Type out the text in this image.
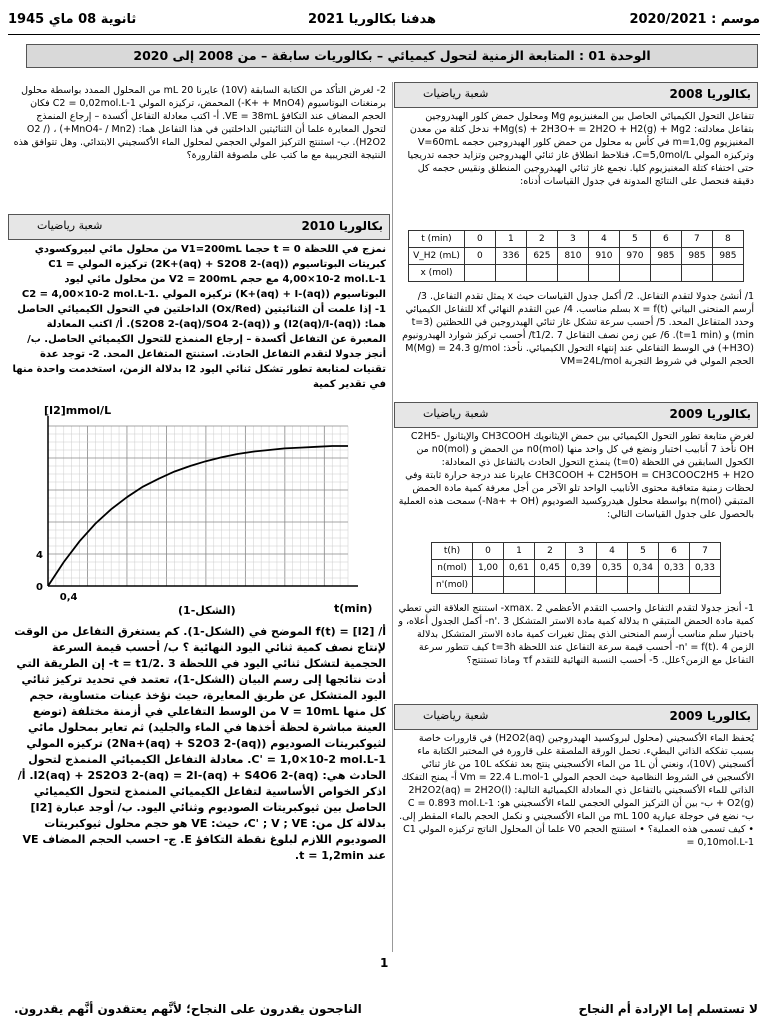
ثانوية 08 ماي 1945	هدفنا بكالوريا 2021	موسم : 2020/2021
الوحدة 01 : المتابعة الزمنية لتحول كيميائي – بكالوريات سابقة – من 2008 إلى 2020
بكالوريا 2008
شعبة رياضيات

تتفاعل التحول الكيميائي الحاصل بين المغنيزيوم Mg ومحلول حمض كلور الهيدروجين بتفاعل معادلته: Mg(s) + 2H3O+ = 2H2O + H2(g) + Mg2+ ندخل كتلة من معدن المغنيزيوم m=1,0g في كأس به محلول من حمض كلور الهيدروجين حجمه V=60mL وتركيزه المولي C=5,0mol/L، فنلاحظ انطلاق غاز ثنائي الهيدروجين وتزايد حجمه تدريجيا حتى اختفاء كتلة المغنيزيوم كليا. نجمع غاز ثنائي الهيدروجين المنطلق ونقيس حجمه كل دقيقة فنحصل على النتائج المدونة في جدول القياسات أدناه:

t (min)	0	1	2	3	4	5	6	7	8
V_H2 (mL)	0	336	625	810	910	970	985	985	985
x (mol)									

1/ أنشئ جدولا لتقدم التفاعل. 2/ أكمل جدول القياسات حيث x يمثل تقدم التفاعل. 3/ أرسم المنحنى البياني x = f(t) بسلم مناسب. 4/ عين التقدم النهائي xf للتفاعل الكيميائي وحدد المتفاعل المحد. 5/ أحسب سرعة تشكل غاز ثنائي الهيدروجين في اللحظتين (t=3 min) و (t=1 min). 6/ عين زمن نصف التفاعل t1/2. 7/ أحسب تركيز شوارد الهيدرونيوم (H3O+) في الوسط التفاعلي عند إنتهاء التحول الكيميائي. نأخذ: M(Mg) = 24.3 g/mol الحجم المولي في شروط التجربة VM=24L/mol

بكالوريا 2009
شعبة رياضيات

لغرض متابعة تطور التحول الكيميائي بين حمض الإيثانويك CH3COOH والإيثانول C2H5-OH نأخذ 7 أنابيب اختبار ونضع في كل واحد منها n0(mol) من الحمض و n0(mol) من الكحول السابقين في اللحظة (t=0) ينمذج التحول الحادث بالتفاعل ذي المعادلة: CH3COOH + C2H5OH = CH3COOC2H5 + H2O عايرنا عند درجة حرارة ثابتة وفي لحظات زمنية متعاقبة محتوى الأنابيب الواحد تلو الآخر من أجل معرفة كمية مادة الحمض المتبقي n(mol) بواسطة محلول هيدروكسيد الصوديوم (Na+ + OH-) سمحت هذه العملية بالحصول على جدول القياسات التالي:

t(h)	0	1	2	3	4	5	6	7
n(mol)	1,00	0,61	0,45	0,39	0,35	0,34	0,33	0,33
n'(mol)								

1- أنجز جدولا لتقدم التفاعل واحسب التقدم الأعظمي xmax. 2- استنتج العلاقة التي تعطي كمية مادة الحمض المتبقي n بدلالة كمية مادة الاستر المتشكل n'. 3- أكمل الجدول أعلاه، و باختيار سلم مناسب أرسم المنحنى الذي يمثل تغيرات كمية مادة الاستر المتشكل بدلالة الزمن n' = f(t). 4- أحسب قيمة سرعة التفاعل عند اللحظة t=3h كيف تتطور سرعة التفاعل مع الزمن؟علل. 5- أحسب النسبة النهائية للتقدم τf وماذا تستنتج؟

بكالوريا 2009
شعبة رياضيات

يُحفظ الماء الأكسجيني (محلول لبروكسيد الهيدروجين H2O2(aq)) في قارورات خاصة بسبب تفككه الذاتي البطيء. تحمل الورقة الملصقة على قارورة في المختبر الكتابة ماء أكسجيني (10V)، ونعني أن 1L من الماء الأكسجيني ينتج بعد تفككه 10L من غاز ثنائي الأكسجين في الشروط النظامية حيث الحجم المولي Vm = 22.4 L.mol-1 أ- يمنح التفكك الذاتي للماء الأكسجيني بالتفاعل ذي المعادلة الكيميائية التالية: 2H2O2(aq) = 2H2O(l) + O2(g) ب- بين أن التركيز المولي الحجمي للماء الأكسجيني هو: C = 0.893 mol.L-1 ب- نضع في حوجلة عيارية 100 mL من الماء الأكسجيني و نكمل الحجم بالماء المقطر إلى. • كيف تسمى هذه العملية؟ • استنتج الحجم V0 علما أن المحلول الناتج تركيزه المولي C1 = 0,10mol.L-1

2- لغرض التأكد من الكتابة السابقة (10V) عايرنا 20 mL من المحلول الممدد بواسطة محلول برمنغنات البوتاسيوم (K+ + MnO4-) المحمض، تركيزه المولي C2 = 0,02mol.L-1 فكان الحجم المضاف عند التكافؤ VE = 38mL. أ- اكتب معادلة التفاعل أكسدة – إرجاع المنمذج لتحول المعايرة علما أن الثنائيتين الداخلتين في هذا التفاعل هما: (MnO4- / Mn2+) ، (O2 / H2O2). ب- استنتج التركيز المولي الحجمي لمحلول الماء الأكسجيني الابتدائي. وهل تتوافق هذه النتيجة التجريبية مع ما كتب على ملصوقة القارورة؟

بكالوريا 2010
شعبة رياضيات

نمزج في اللحظة t = 0 حجما V1=200mL من محلول مائي لبيروكسودي كبريتات البوتاسيوم (2K+(aq) + S2O8 2-(aq)) تركيزه المولي C1 = 4,00×10-2 mol.L-1 مع حجم V2 = 200mL من محلول مائي ليود البوتاسيوم (K+(aq) + I-(aq)) تركيزه المولي C2 = 4,00×10-2 mol.L-1. 1- إذا علمت أن الثنائيتين (Ox/Red) الداخلتين في التحول الكيميائي الحاصل هما: (I2(aq)/I-(aq)) و (S2O8 2-(aq)/SO4 2-(aq)). أ/ اكتب المعادلة المعبرة عن التفاعل أكسدة – إرجاع المنمذج للتحول الكيميائي الحاصل. ب/ أنجز جدولا لتقدم التفاعل الحادث. استنتج المتفاعل المحد. 2- توجد عدة تقنيات لمتابعة تطور تشكل ثنائي اليود I2 بدلالة الزمن، استخدمت واحدة منها في تقدير كمية

[I2]mmol/L
t(min)
0
4
0,4
(الشكل-1)

أ/ [I2] = f(t) الموضح في (الشكل-1). كم يستغرق التفاعل من الوقت لإنتاج نصف كمية ثنائي اليود النهائية ؟ ب/ أحسب قيمة السرعة الحجمية لتشكل ثنائي اليود في اللحظة t = t1/2. 3- إن الطريقة التي أدت نتائجها إلى رسم البيان (الشكل-1)، تعتمد في تحديد تركيز ثنائي اليود المتشكل عن طريق المعايرة، حيث نؤخذ عينات متساوية، حجم كل منها V = 10mL من الوسط التفاعلي في أزمنة مختلفة (توضع العينة مباشرة لحظة أخذها في الماء والجليد) ثم تعاير بمحلول مائي لثيوكبريتات الصوديوم (2Na+(aq) + S2O3 2-(aq)) تركيزه المولي C' = 1,0×10-2 mol.L-1. معادلة التفاعل الكيميائي المنمذج لتحول الحادث هي: I2(aq) + 2S2O3 2-(aq) = 2I-(aq) + S4O6 2-(aq). أ/ اذكر الخواص الأساسية لتفاعل الكيميائي المنمذج لتحول الكيميائي الحاصل بين ثيوكبريتات الصوديوم وثنائي اليود. ب/ أوجد عبارة [I2] بدلالة كل من: C' ; V ; VE، حيث: VE هو حجم محلول ثيوكبريتات الصوديوم اللازم لبلوغ نقطة التكافؤ E. ج- احسب الحجم المضاف VE عند t = 1,2min.

1
لا تستسلم إما الإرادة أم النجاح
الناجحون يقدرون على النجاح؛ لأنَّهم يعتقدون أنَّهم يقدرون.
